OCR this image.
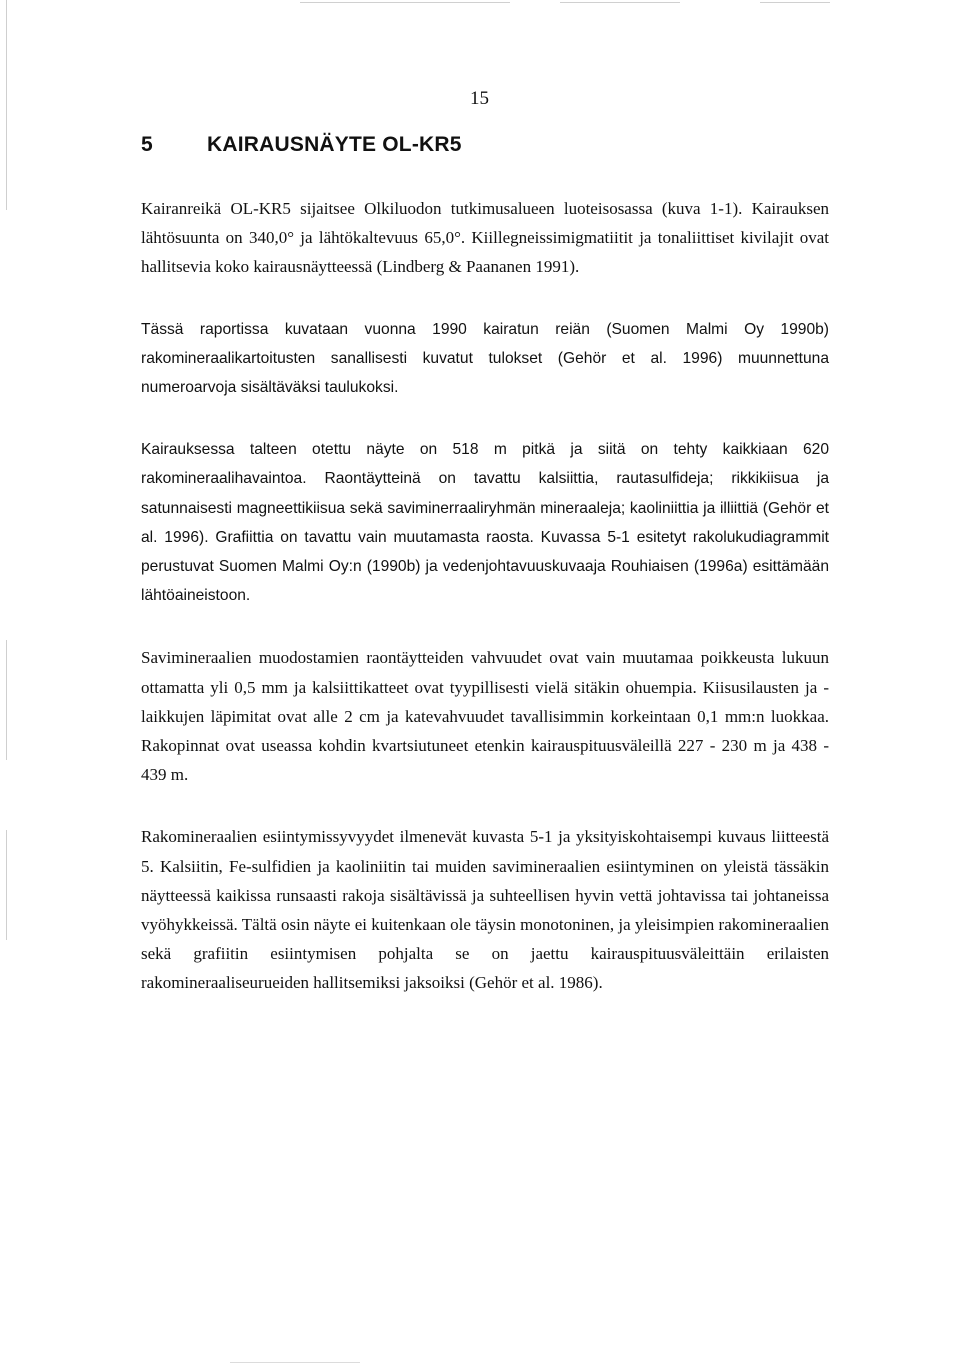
15
5	KAIRAUSNÄYTE OL-KR5

Kairanreikä OL-KR5 sijaitsee Olkiluodon tutkimusalueen luoteisosassa (kuva 1-1). Kairauksen lähtösuunta on 340,0° ja lähtökaltevuus 65,0°. Kiillegneissimigmatiitit ja tonaliittiset kivilajit ovat hallitsevia koko kairausnäytteessä (Lindberg & Paananen 1991).

Tässä raportissa kuvataan vuonna 1990 kairatun reiän (Suomen Malmi Oy 1990b) rakomineraalikartoitusten sanallisesti kuvatut tulokset (Gehör et al. 1996) muunnettuna numeroarvoja sisältäväksi taulukoksi.

Kairauksessa talteen otettu näyte on 518 m pitkä ja siitä on tehty kaikkiaan 620 rakomineraalihavaintoa. Raontäytteinä on tavattu kalsiittia, rautasulfideja; rikkikiisua ja satunnaisesti magneettikiisua sekä saviminerraaliryhmän mineraaleja; kaoliniittia ja illiittiä (Gehör et al. 1996). Grafiittia on tavattu vain muutamasta raosta. Kuvassa 5-1 esitetyt rakolukudiagrammit perustuvat Suomen Malmi Oy:n (1990b) ja vedenjohtavuuskuvaaja Rouhiaisen (1996a) esittämään lähtöaineistoon.

Savimineraalien muodostamien raontäytteiden vahvuudet ovat vain muutamaa poikkeusta lukuun ottamatta yli 0,5 mm ja kalsiittikatteet ovat tyypillisesti vielä sitäkin ohuempia. Kiisusilausten ja -laikkujen läpimitat ovat alle 2 cm ja katevahvuudet tavallisimmin korkeintaan 0,1 mm:n luokkaa. Rakopinnat ovat useassa kohdin kvartsiutuneet etenkin kairauspituusväleillä 227 - 230 m ja 438 - 439 m.

Rakomineraalien esiintymissyvyydet ilmenevät kuvasta 5-1 ja yksityiskohtaisempi kuvaus liitteestä 5. Kalsiitin, Fe-sulfidien ja kaoliniitin tai muiden savimineraalien esiintyminen on yleistä tässäkin näytteessä kaikissa runsaasti rakoja sisältävissä ja suhteellisen hyvin vettä johtavissa tai johtaneissa vyöhykkeissä. Tältä osin näyte ei kuitenkaan ole täysin monotoninen, ja yleisimpien rakomineraalien sekä grafiitin esiintymisen pohjalta se on jaettu kairauspituusväleittäin erilaisten rakomineraaliseurueiden hallitsemiksi jaksoiksi (Gehör et al. 1986).
